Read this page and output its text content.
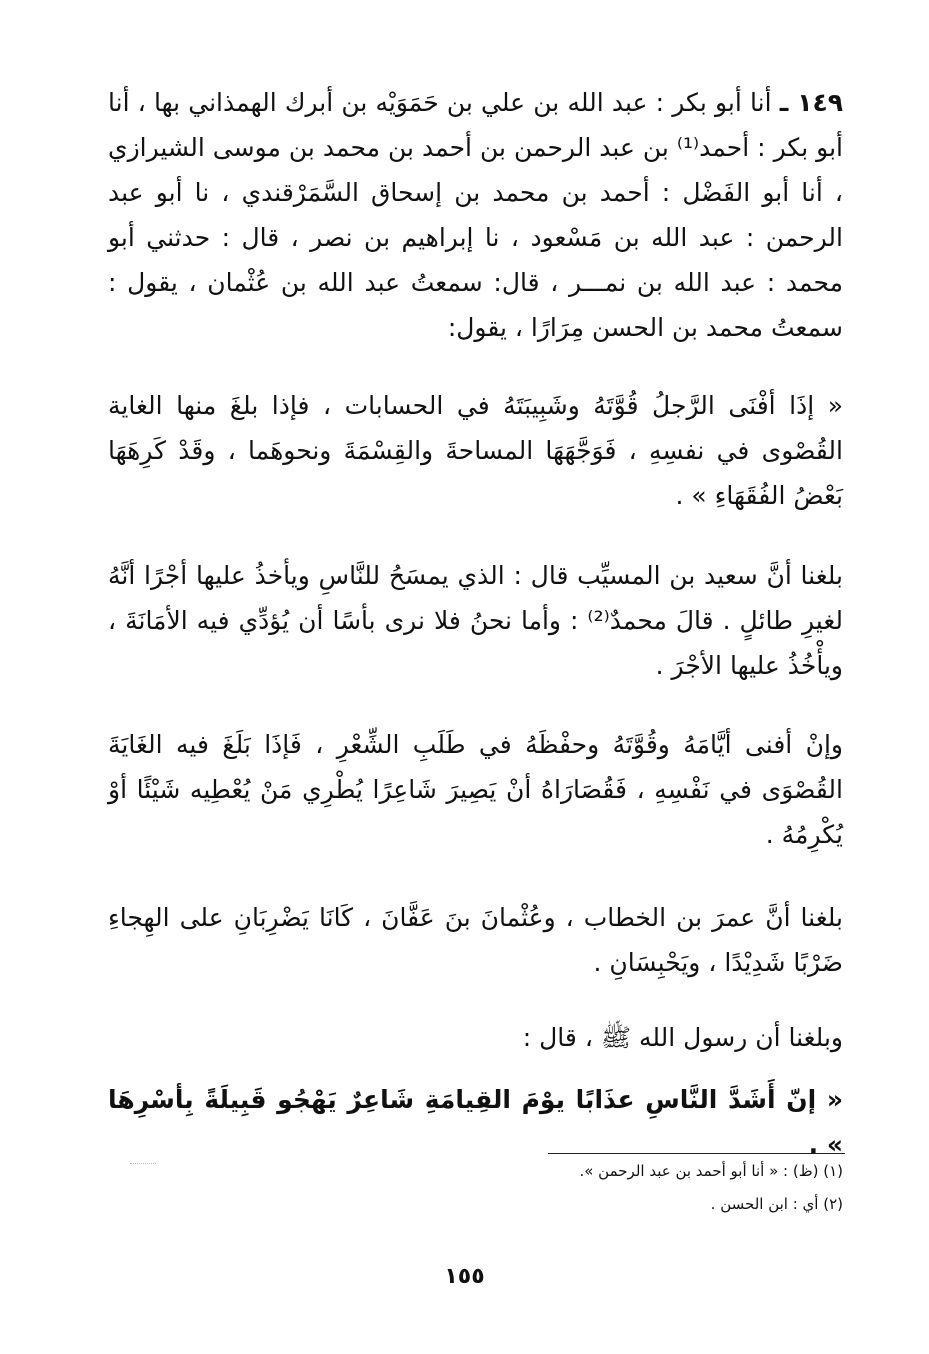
١٤٩ ـ أنا أبو بكر : عبد الله بن علي بن حَمَوَيْه بن أبرك الهمذاني بها ، أنا أبو بكر : أحمد⁽¹⁾ بن عبد الرحمن بن أحمد بن محمد بن موسى الشيرازي ، أنا أبو الفَضْل : أحمد بن محمد بن إسحاق السَّمَرْقندي ، نا أبو عبد الرحمن : عبد الله بن مَسْعود ، نا إبراهيم بن نصر ، قال : حدثني أبو محمد : عبد الله بن نمـــر ، قال: سمعتُ عبد الله بن عُثْمان ، يقول : سمعتُ محمد بن الحسن مِرَارًا ، يقول:

« إذَا أفْنَى الرَّجلُ قُوَّتَهُ وشَبِيبَتَهُ في الحسابات ، فإذا بلغَ منها الغاية القُصْوى في نفسِهِ ، فَوَجَّهَهَا المساحةَ والقِسْمَةَ ونحوهَما ، وقَدْ كَرِهَهَا بَعْضُ الفُقَهَاءِ » .

بلغنا أنَّ سعيد بن المسيِّب قال : الذي يمسَحُ للنَّاسِ ويأخذُ عليها أجْرًا أنَّهُ لغيرِ طائلٍ . قالَ محمدٌ⁽²⁾ : وأما نحنُ فلا نرى بأسًا أن يُؤدِّي فيه الأمَانَةَ ، ويأْخُذُ عليها الأجْرَ .

وإنْ أفنى أيَّامَهُ وقُوَّتَهُ وحفْظَهُ في طَلَبِ الشِّعْرِ ، فَإذَا بَلَغَ فيه الغَايَةَ القُصْوَى في نَفْسِهِ ، فَقُصَارَاهُ أنْ يَصِيرَ شَاعِرًا يُطْرِي مَنْ يُعْطِيه شَيْئًا أوْ يُكْرِمُهُ .

بلغنا أنَّ عمرَ بن الخطاب ، وعُثْمانَ بنَ عَفَّانَ ، كَانَا يَضْرِبَانِ على الهِجاءِ ضَرْبًا شَدِيْدًا ، ويَحْبِسَانِ .

وبلغنا أن رسول الله ﷺ ، قال :

« إنّ أَشَدَّ النَّاسِ عذَابًا يوْمَ القِيامَةِ شَاعِرٌ يَهْجُو قَبِيلَةً بِأسْرِهَا » .

(١) (ظ) : « أنا أبو أحمد بن عبد الرحمن ».

(٢) أي : ابن الحسن .

١٥٥
